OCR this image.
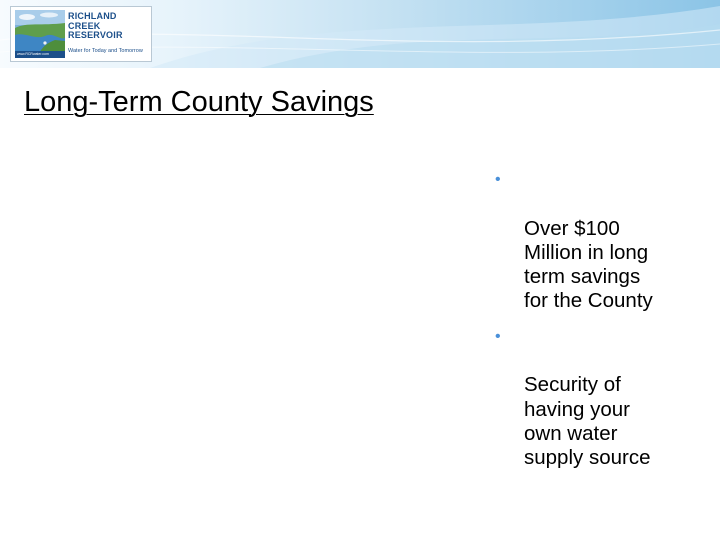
www.RCRwater.com
RICHLAND
CREEK
RESERVOIR
Water for Today and Tomorrow
Long-Term County Savings

•

Over $100
Million in long
term savings
for the County

•

Security of
having your
own water
supply source
